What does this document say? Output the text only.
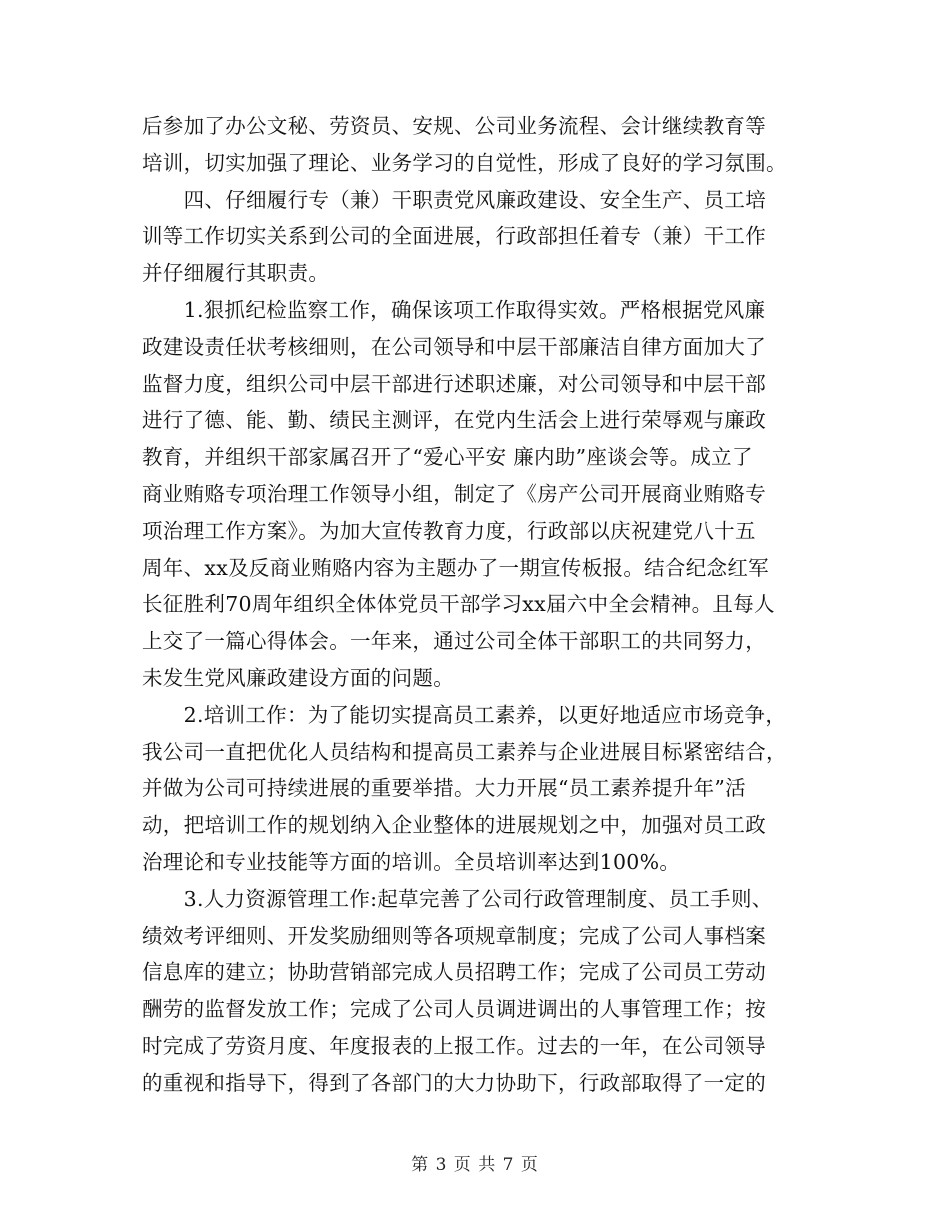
后参加了办公文秘、劳资员、安规、公司业务流程、会计继续教育等
培训，切实加强了理论、业务学习的自觉性，形成了良好的学习氛围。
　　四、仔细履行专（兼）干职责党风廉政建设、安全生产、员工培
训等工作切实关系到公司的全面进展，行政部担任着专（兼）干工作
并仔细履行其职责。
　　1.狠抓纪检监察工作，确保该项工作取得实效。严格根据党风廉
政建设责任状考核细则，在公司领导和中层干部廉洁自律方面加大了
监督力度，组织公司中层干部进行述职述廉，对公司领导和中层干部
进行了德、能、勤、绩民主测评，在党内生活会上进行荣辱观与廉政
教育，并组织干部家属召开了“爱心平安 廉内助”座谈会等。成立了
商业贿赂专项治理工作领导小组，制定了《房产公司开展商业贿赂专
项治理工作方案》。为加大宣传教育力度，行政部以庆祝建党八十五
周年、xx及反商业贿赂内容为主题办了一期宣传板报。结合纪念红军
长征胜利70周年组织全体体党员干部学习xx届六中全会精神。且每人
上交了一篇心得体会。一年来，通过公司全体干部职工的共同努力，
未发生党风廉政建设方面的问题。
　　2.培训工作：为了能切实提高员工素养，以更好地适应市场竞争，
我公司一直把优化人员结构和提高员工素养与企业进展目标紧密结合，
并做为公司可持续进展的重要举措。大力开展“员工素养提升年”活
动，把培训工作的规划纳入企业整体的进展规划之中，加强对员工政
治理论和专业技能等方面的培训。全员培训率达到100%。
　　3.人力资源管理工作:起草完善了公司行政管理制度、员工手则、
绩效考评细则、开发奖励细则等各项规章制度；完成了公司人事档案
信息库的建立；协助营销部完成人员招聘工作；完成了公司员工劳动
酬劳的监督发放工作；完成了公司人员调进调出的人事管理工作；按
时完成了劳资月度、年度报表的上报工作。过去的一年，在公司领导
的重视和指导下，得到了各部门的大力协助下，行政部取得了一定的
第 3 页 共 7 页
